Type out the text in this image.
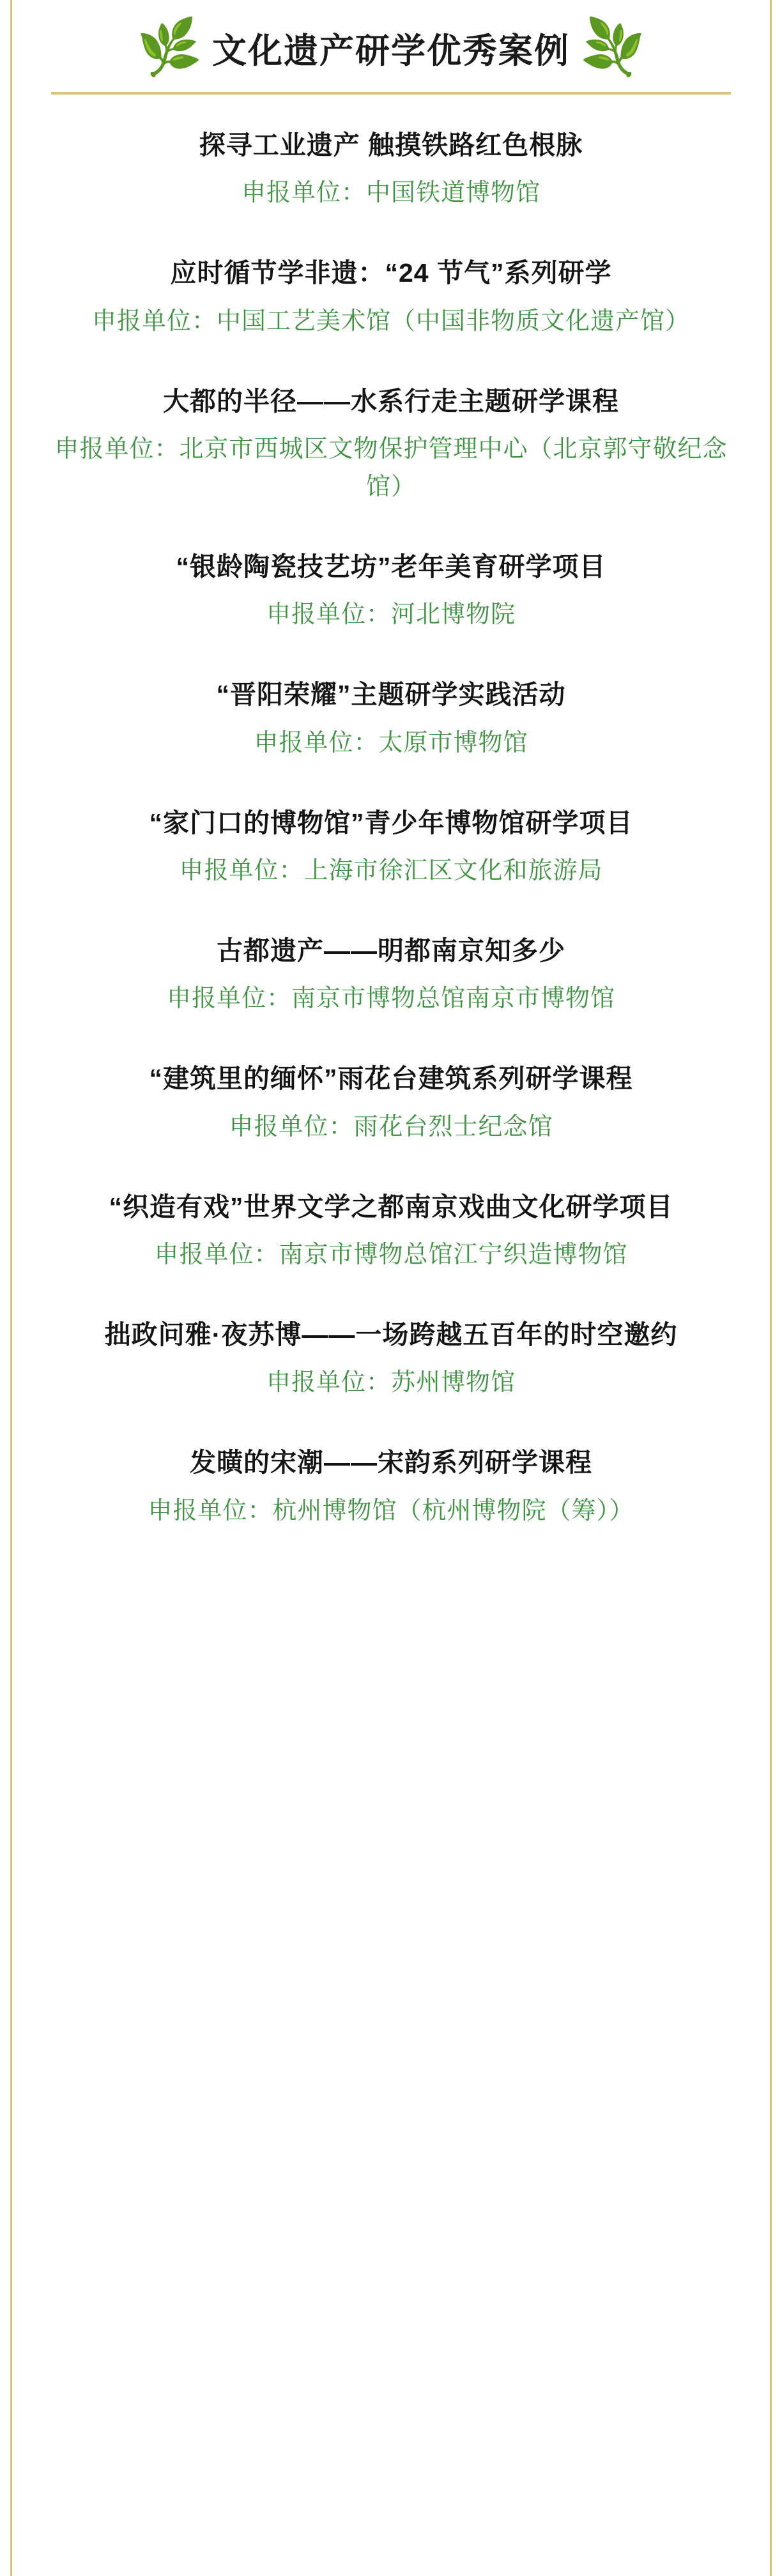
🌿 文化遗产研学优秀案例 🌿
探寻工业遗产 触摸铁路红色根脉
申报单位：中国铁道博物馆
应时循节学非遗：“24 节气”系列研学
申报单位：中国工艺美术馆（中国非物质文化遗产馆）
大都的半径——水系行走主题研学课程
申报单位：北京市西城区文物保护管理中心（北京郭守敬纪念馆）
“银龄陶瓷技艺坊”老年美育研学项目
申报单位：河北博物院
“晋阳荣耀”主题研学实践活动
申报单位：太原市博物馆
“家门口的博物馆”青少年博物馆研学项目
申报单位：上海市徐汇区文化和旅游局
古都遗产——明都南京知多少
申报单位：南京市博物总馆南京市博物馆
“建筑里的缅怀”雨花台建筑系列研学课程
申报单位：雨花台烈士纪念馆
“织造有戏”世界文学之都南京戏曲文化研学项目
申报单位：南京市博物总馆江宁织造博物馆
拙政问雅·夜苏博——一场跨越五百年的时空邀约
申报单位：苏州博物馆
发曂的宋潮——宋韵系列研学课程
申报单位：杭州博物馆（杭州博物院（筹））
